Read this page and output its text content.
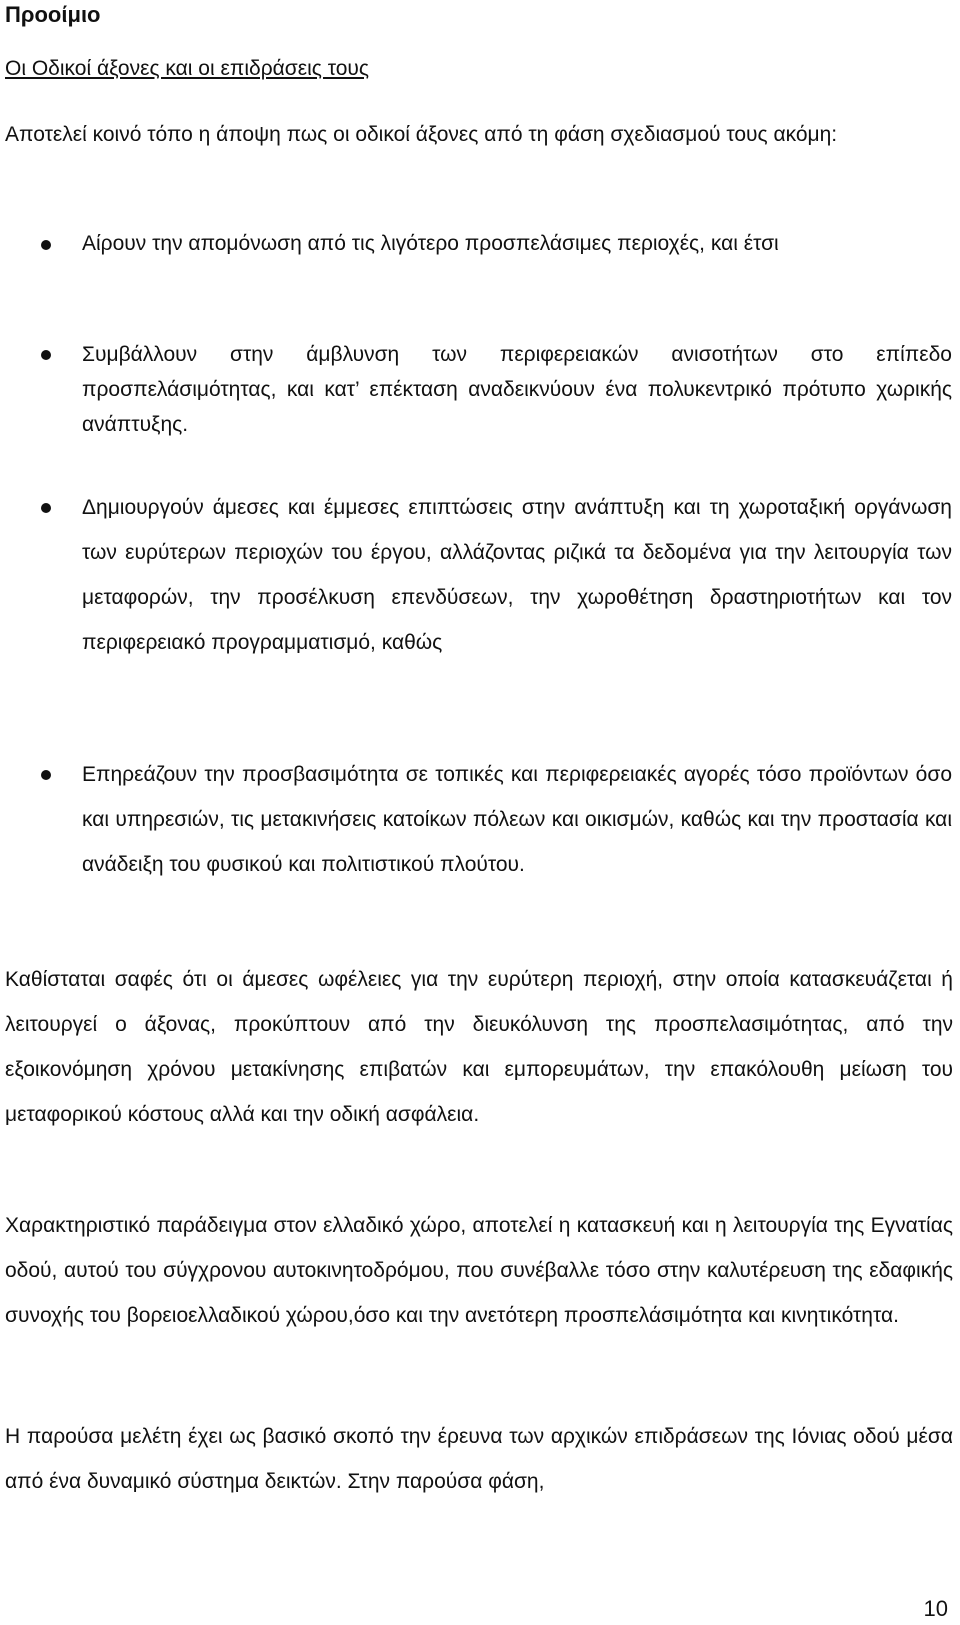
Προοίμιο

Οι Οδικοί άξονες και οι επιδράσεις τους

Αποτελεί κοινό τόπο η άποψη πως οι οδικοί άξονες από τη φάση σχεδιασμού τους ακόμη:

Αίρουν την απομόνωση από τις λιγότερο προσπελάσιμες περιοχές, και έτσι

Συμβάλλουν στην άμβλυνση των περιφερειακών ανισοτήτων στο επίπεδο προσπελάσιμότητας, και κατ’ επέκταση αναδεικνύουν ένα πολυκεντρικό πρότυπο χωρικής ανάπτυξης.

Δημιουργούν άμεσες και έμμεσες επιπτώσεις στην ανάπτυξη και τη χωροταξική οργάνωση των ευρύτερων περιοχών του έργου, αλλάζοντας ριζικά τα δεδομένα για την λειτουργία των μεταφορών, την προσέλκυση επενδύσεων, την χωροθέτηση δραστηριοτήτων και τον περιφερειακό προγραμματισμό, καθώς

Επηρεάζουν την προσβασιμότητα σε τοπικές και περιφερειακές αγορές τόσο προϊόντων όσο και υπηρεσιών, τις μετακινήσεις κατοίκων πόλεων και οικισμών, καθώς και την προστασία και ανάδειξη του φυσικού και πολιτιστικού πλούτου.

Καθίσταται σαφές ότι οι άμεσες ωφέλειες για την ευρύτερη περιοχή, στην οποία κατασκευάζεται ή λειτουργεί ο άξονας, προκύπτουν από την διευκόλυνση της προσπελασιμότητας, από την εξοικονόμηση χρόνου μετακίνησης επιβατών και εμπορευμάτων, την επακόλουθη μείωση του μεταφορικού κόστους αλλά και την οδική ασφάλεια.

Χαρακτηριστικό παράδειγμα στον ελλαδικό χώρο, αποτελεί η κατασκευή και η λειτουργία της Εγνατίας οδού, αυτού του σύγχρονου αυτοκινητοδρόμου, που συνέβαλλε τόσο στην καλυτέρευση της εδαφικής συνοχής του βορειοελλαδικού χώρου,όσο και την ανετότερη προσπελάσιμότητα και κινητικότητα.

Η παρούσα μελέτη έχει ως βασικό σκοπό την έρευνα των αρχικών επιδράσεων της Ιόνιας οδού μέσα από ένα δυναμικό σύστημα δεικτών. Στην παρούσα φάση,

10
